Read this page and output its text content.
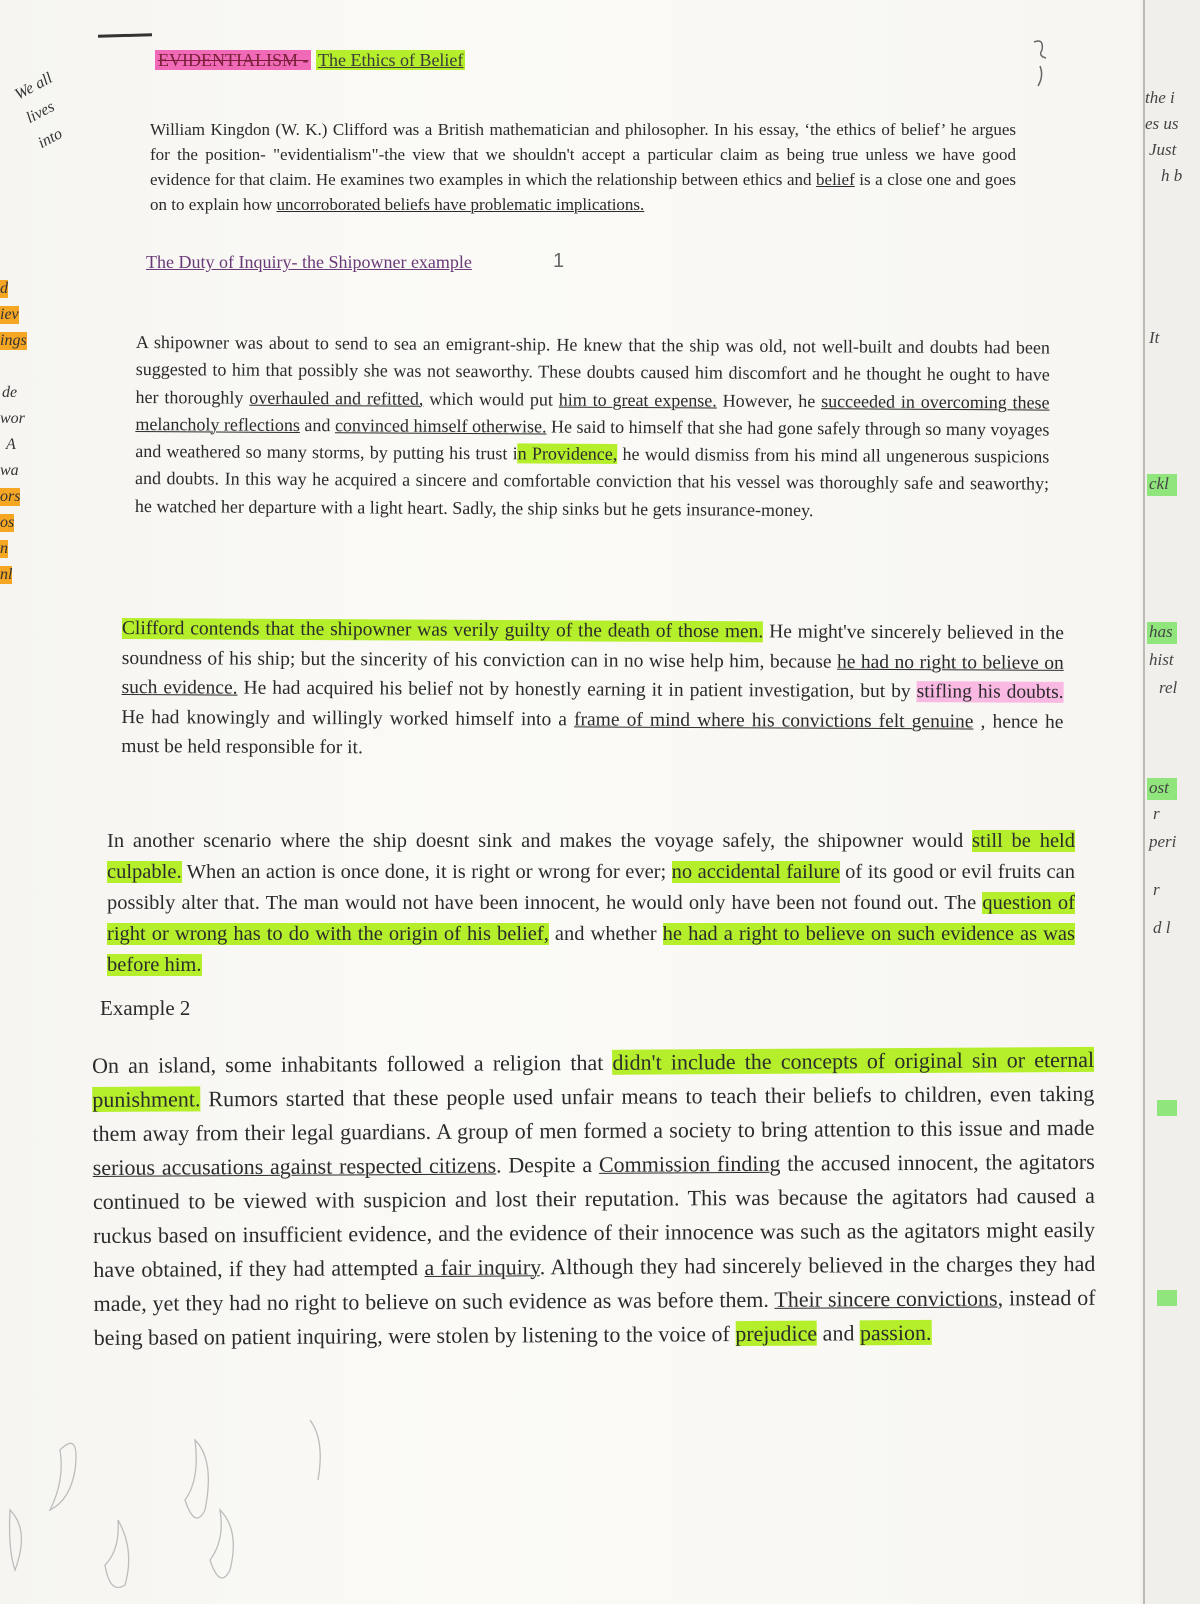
We all
lives
into
d
iev
ings
de
wor
A
wa
ors
os
n
nl
EVIDENTIALISM - The Ethics of Belief

William Kingdon (W. K.) Clifford was a British mathematician and philosopher. In his essay, ‘the ethics of belief’ he argues for the position- "evidentialism"-the view that we shouldn't accept a particular claim as being true unless we have good evidence for that claim. He examines two examples in which the relationship between ethics and belief is a close one and goes on to explain how uncorroborated beliefs have problematic implications.

The Duty of Inquiry- the Shipowner example	1

A shipowner was about to send to sea an emigrant-ship. He knew that the ship was old, not well-built and doubts had been suggested to him that possibly she was not seaworthy. These doubts caused him discomfort and he thought he ought to have her thoroughly overhauled and refitted, which would put him to great expense. However, he succeeded in overcoming these melancholy reflections and convinced himself otherwise. He said to himself that she had gone safely through so many voyages and weathered so many storms, by putting his trust in Providence, he would dismiss from his mind all ungenerous suspicions and doubts. In this way he acquired a sincere and comfortable conviction that his vessel was thoroughly safe and seaworthy; he watched her departure with a light heart. Sadly, the ship sinks but he gets insurance-money.

Clifford contends that the shipowner was verily guilty of the death of those men. He might've sincerely believed in the soundness of his ship; but the sincerity of his conviction can in no wise help him, because he had no right to believe on such evidence. He had acquired his belief not by honestly earning it in patient investigation, but by stifling his doubts. He had knowingly and willingly worked himself into a frame of mind where his convictions felt genuine , hence he must be held responsible for it.

In another scenario where the ship doesnt sink and makes the voyage safely, the shipowner would still be held culpable. When an action is once done, it is right or wrong for ever; no accidental failure of its good or evil fruits can possibly alter that. The man would not have been innocent, he would only have been not found out. The question of right or wrong has to do with the origin of his belief, and whether he had a right to believe on such evidence as was before him.

Example 2

On an island, some inhabitants followed a religion that didn't include the concepts of original sin or eternal punishment. Rumors started that these people used unfair means to teach their beliefs to children, even taking them away from their legal guardians. A group of men formed a society to bring attention to this issue and made serious accusations against respected citizens. Despite a Commission finding the accused innocent, the agitators continued to be viewed with suspicion and lost their reputation. This was because the agitators had caused a ruckus based on insufficient evidence, and the evidence of their innocence was such as the agitators might easily have obtained, if they had attempted a fair inquiry. Although they had sincerely believed in the charges they had made, yet they had no right to believe on such evidence as was before them. Their sincere convictions, instead of being based on patient inquiring, were stolen by listening to the voice of prejudice and passion.

the i
es us
Just
h b
It
ckl
has
hist
rel
ost
r
peri
r
d l
